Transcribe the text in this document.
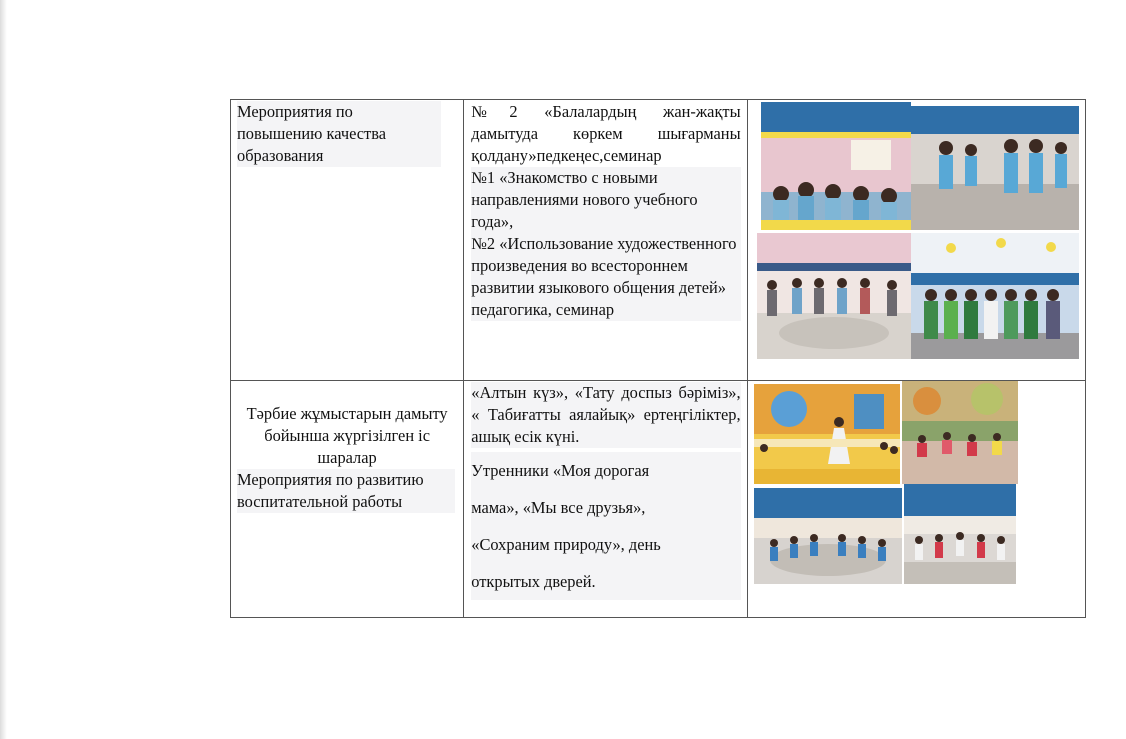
Мероприятия по повышению качества образования	№2 «Балалардың жан-жақты дамытуда көркем шығарманы қолдану»педкеңес,семинар
№1 «Знакомство с новыми направлениями нового учебного года»,
№2 «Использование художественного произведения во всестороннем развитии языкового общения детей» педагогика, семинар

Тәрбие жұмыстарын дамыту бойынша жүргізілген іс шаралар
Мероприятия по развитию воспитательной работы	«Алтын күз», «Тату доспыз бәріміз», « Табиғатты аялайық» ертеңгіліктер, ашық есік күні.
Утренники «Моя дорогая
мама», «Мы все друзья»,
«Сохраним природу», день
открытых дверей.
